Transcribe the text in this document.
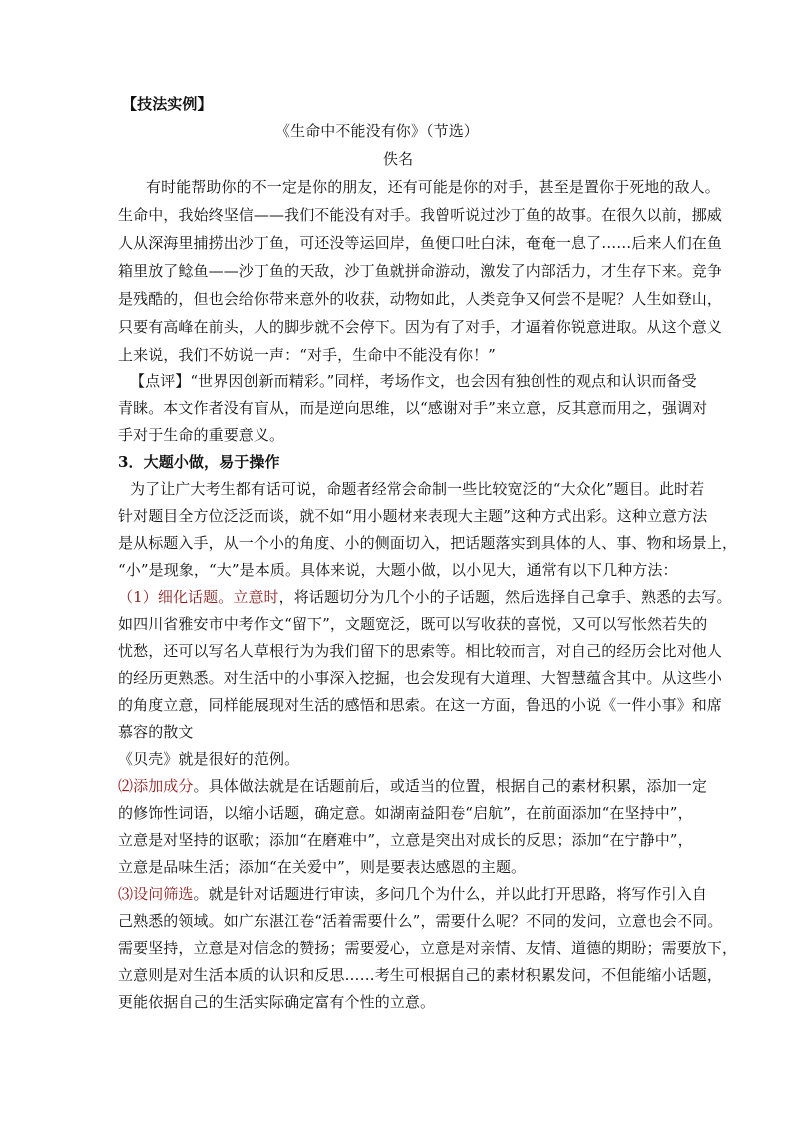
【技法实例】
《生命中不能没有你》（节选）
佚名
有时能帮助你的不一定是你的朋友，还有可能是你的对手，甚至是置你于死地的敌人。
生命中，我始终坚信——我们不能没有对手。我曾听说过沙丁鱼的故事。在很久以前，挪威
人从深海里捕捞出沙丁鱼，可还没等运回岸，鱼便口吐白沫，奄奄一息了……后来人们在鱼
箱里放了鲶鱼——沙丁鱼的天敌，沙丁鱼就拼命游动，激发了内部活力，才生存下来。竞争
是残酷的，但也会给你带来意外的收获，动物如此，人类竞争又何尝不是呢？人生如登山，
只要有高峰在前头，人的脚步就不会停下。因为有了对手，才逼着你锐意进取。从这个意义
上来说，我们不妨说一声：“对手，生命中不能没有你！”
【点评】“世界因创新而精彩。”同样，考场作文，也会因有独创性的观点和认识而备受
青睐。本文作者没有盲从，而是逆向思维，以“感谢对手”来立意，反其意而用之，强调对
手对于生命的重要意义。
3．大题小做，易于操作
为了让广大考生都有话可说，命题者经常会命制一些比较宽泛的“大众化”题目。此时若
针对题目全方位泛泛而谈，就不如“用小题材来表现大主题”这种方式出彩。这种立意方法
是从标题入手，从一个小的角度、小的侧面切入，把话题落实到具体的人、事、物和场景上，
“小”是现象，“大”是本质。具体来说，大题小做，以小见大，通常有以下几种方法：
（1）细化话题。立意时，将话题切分为几个小的子话题，然后选择自己拿手、熟悉的去写。
如四川省雅安市中考作文“留下”，文题宽泛，既可以写收获的喜悦，又可以写怅然若失的
忧愁，还可以写名人草根行为为我们留下的思索等。相比较而言，对自己的经历会比对他人
的经历更熟悉。对生活中的小事深入挖掘，也会发现有大道理、大智慧蕴含其中。从这些小
的角度立意，同样能展现对生活的感悟和思索。在这一方面，鲁迅的小说《一件小事》和席
慕容的散文
《贝壳》就是很好的范例。
⑵添加成分。具体做法就是在话题前后，或适当的位置，根据自己的素材积累，添加一定
的修饰性词语，以缩小话题，确定意。如湖南益阳卷“启航”，在前面添加“在坚持中”，
立意是对坚持的讴歌；添加“在磨难中”，立意是突出对成长的反思；添加“在宁静中”，
立意是品味生活；添加“在关爱中”，则是要表达感恩的主题。
⑶设问筛选。就是针对话题进行审读，多问几个为什么，并以此打开思路，将写作引入自
己熟悉的领域。如广东湛江卷“活着需要什么”，需要什么呢？不同的发问，立意也会不同。
需要坚持，立意是对信念的赞扬；需要爱心，立意是对亲情、友情、道德的期盼；需要放下，
立意则是对生活本质的认识和反思……考生可根据自己的素材积累发问，不但能缩小话题，
更能依据自己的生活实际确定富有个性的立意。
